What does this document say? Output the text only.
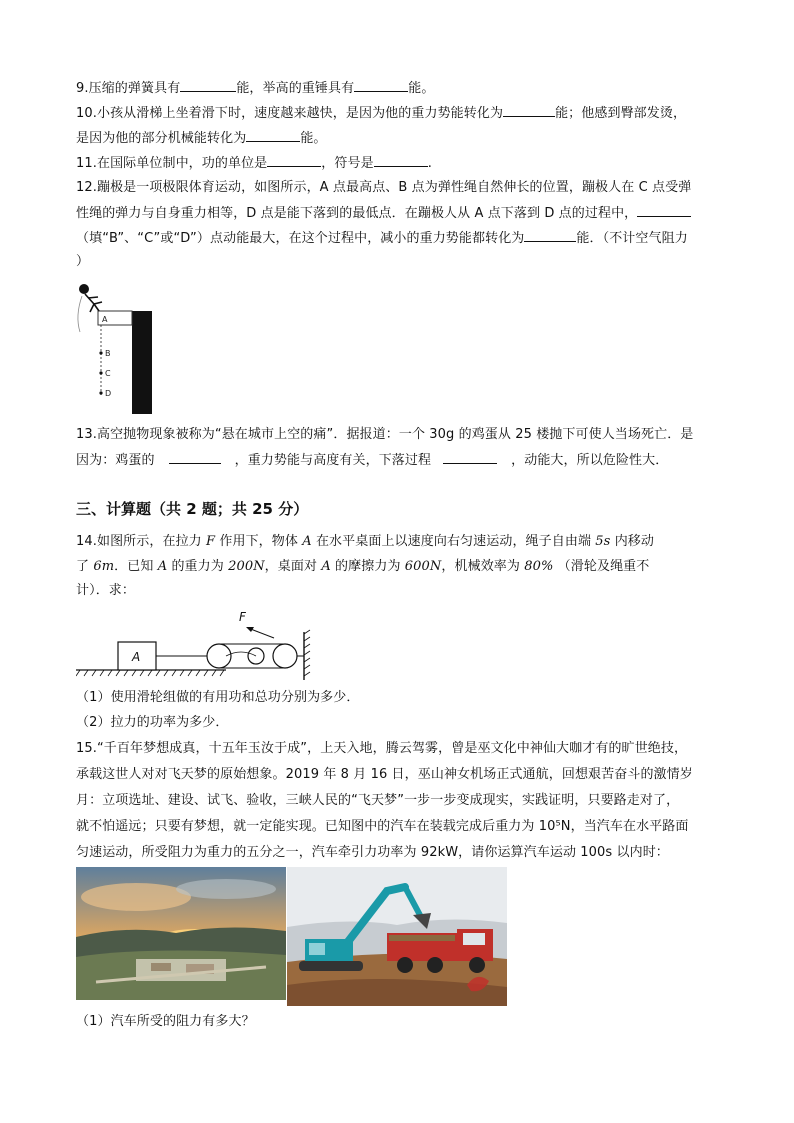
9.压缩的弹簧具有	能，举高的重锤具有	能。
10.小孩从滑梯上坐着滑下时，速度越来越快，是因为他的重力势能转化为	能；他感到臀部发烫，
是因为他的部分机械能转化为	能。
11.在国际单位制中，功的单位是	，符号是	.
12.蹦极是一项极限体育运动，如图所示，A 点最高点、B 点为弹性绳自然伸长的位置，蹦极人在 C 点受弹
性绳的弹力与自身重力相等，D 点是能下落到的最低点．在蹦极人从 A 点下落到 D 点的过程中，
（填“B”、“C”或“D”）点动能最大，在这个过程中，减小的重力势能都转化为	能．（不计空气阻力
）
A
B
C
D
13.高空抛物现象被称为“悬在城市上空的痛”．据报道：一个 30g 的鸡蛋从 25 楼抛下可使人当场死亡．是
因为：鸡蛋的	，重力势能与高度有关，下落过程	，动能大，所以危险性大．
三、计算题（共 2 题；共 25 分）
14.如图所示，在拉力 F 作用下，物体 A 在水平桌面上以速度向右匀速运动，绳子自由端 5s 内移动
了 6m．已知 A 的重力为 200N，桌面对 A 的摩擦力为 600N，机械效率为 80% （滑轮及绳重不
计）．求：
A
F
（1）使用滑轮组做的有用功和总功分别为多少．
（2）拉力的功率为多少．
15.“千百年梦想成真，十五年玉汝于成”，上天入地，腾云驾雾，曾是巫文化中神仙大咖才有的旷世绝技，
承载这世人对对飞天梦的原始想象。2019 年 8 月 16 日，巫山神女机场正式通航，回想艰苦奋斗的激情岁
月：立项选址、建设、试飞、验收，三峡人民的“飞天梦”一步一步变成现实，实践证明，只要路走对了，
就不怕遥远；只要有梦想，就一定能实现。已知图中的汽车在装载完成后重力为 10⁵N，当汽车在水平路面
匀速运动，所受阻力为重力的五分之一，汽车牵引力功率为 92kW，请你运算汽车运动 100s 以内时：
（1）汽车所受的阻力有多大？
